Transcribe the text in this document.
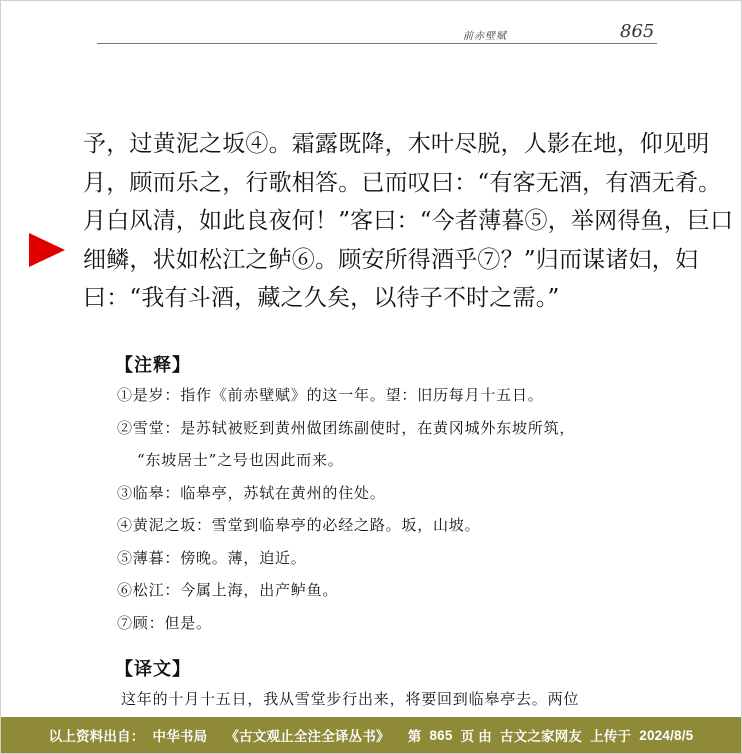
前赤壁赋	865
予，过黄泥之坂④。霜露既降，木叶尽脱，人影在地，仰见明
月，顾而乐之，行歌相答。已而叹曰：“有客无酒，有酒无肴。
月白风清，如此良夜何！”客曰：“今者薄暮⑤，举网得鱼，巨口
细鳞，状如松江之鲈⑥。顾安所得酒乎⑦？”归而谋诸妇，妇
曰：“我有斗酒，藏之久矣，以待子不时之需。”
【注释】
①是岁：指作《前赤壁赋》的这一年。望：旧历每月十五日。
②雪堂：是苏轼被贬到黄州做团练副使时，在黄冈城外东坡所筑，
“东坡居士”之号也因此而来。
③临皋：临皋亭，苏轼在黄州的住处。
④黄泥之坂：雪堂到临皋亭的必经之路。坂，山坡。
⑤薄暮：傍晚。薄，迫近。
⑥松江：今属上海，出产鲈鱼。
⑦顾：但是。
【译文】
这年的十月十五日，我从雪堂步行出来，将要回到临皋亭去。两位
以上资料出自： 中华书局 《古文观止全注全译丛书》 第 865 页 由 古文之家网友 上传于 2024/8/5
